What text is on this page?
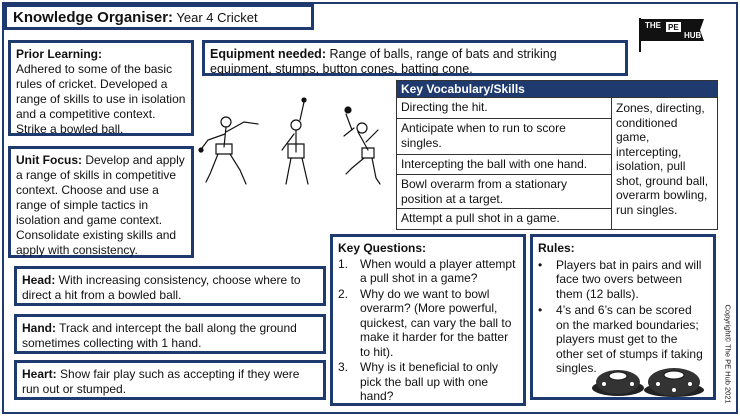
Knowledge Organiser: Year 4 Cricket
THE PE
HUB
Prior Learning:
Adhered to some of the basic rules of cricket. Developed a range of skills to use in isolation and a competitive context. Strike a bowled ball.
Equipment needed: Range of balls, range of bats and striking equipment, stumps, button cones, batting cone.
Unit Focus: Develop and apply a range of skills in competitive context. Choose and use a range of simple tactics in isolation and game context. Consolidate existing skills and apply with consistency.
Key Vocabulary/Skills
Directing the hit.
Anticipate when to run to score singles.
Intercepting the ball with one hand.
Bowl overarm from a stationary position at a target.
Attempt a pull shot in a game.
Zones, directing, conditioned game, intercepting, isolation, pull shot, ground ball, overarm bowling, run singles.
Head: With increasing consistency, choose where to direct a hit from a bowled ball.
Hand: Track and intercept the ball along the ground sometimes collecting with 1 hand.
Heart: Show fair play such as accepting if they were run out or stumped.
Key Questions:
1. When would a player attempt a pull shot in a game?
2. Why do we want to bowl overarm? (More powerful, quickest, can vary the ball to make it harder for the batter to hit).
3. Why is it beneficial to only pick the ball up with one hand?
Rules:
•	Players bat in pairs and will face two overs between them (12 balls).
•	4’s and 6’s can be scored on the marked boundaries; players must get to the other set of stumps if taking singles.	Copyright© The PE Hub 2021
